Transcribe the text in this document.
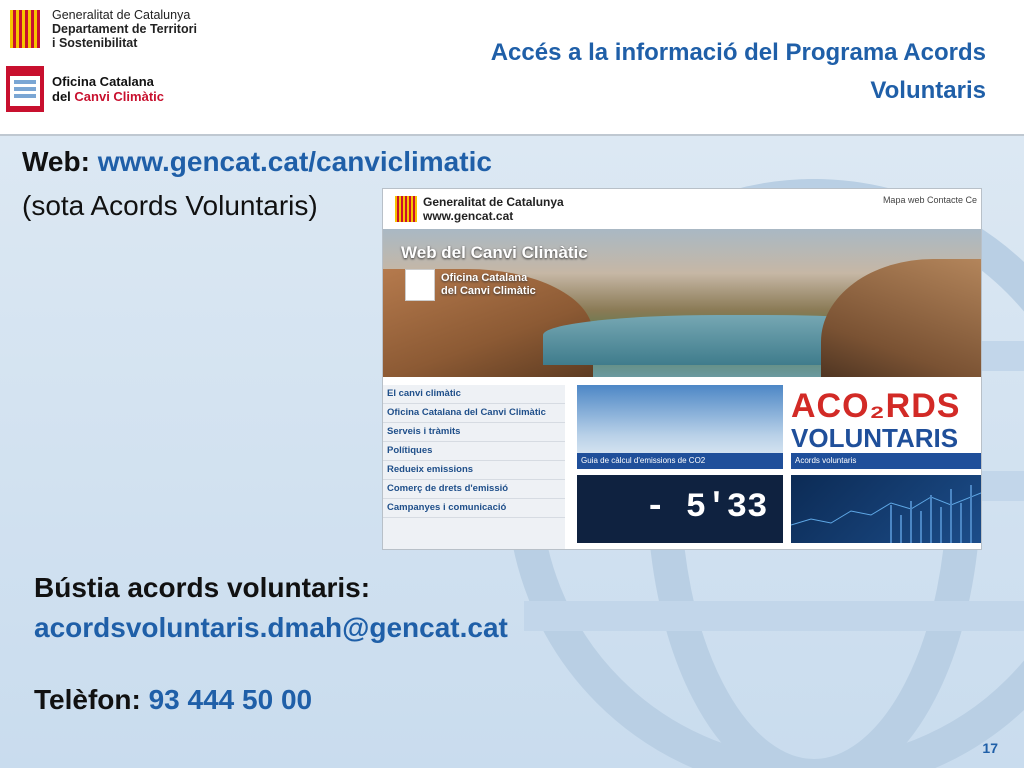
Generalitat de Catalunya
Departament de Territori
i Sostenibilitat
Oficina Catalana
del Canvi Climàtic
Accés a la informació del Programa Acords
Voluntaris
Web: www.gencat.cat/canviclimatic
(sota Acords Voluntaris)	Generalitat de Catalunya
www.gencat.cat
Mapa web Contacte Ce
Web del Canvi Climàtic
Oficina Catalana
del Canvi Climàtic
El canvi climàtic
Oficina Catalana del Canvi Climàtic
Serveis i tràmits
Polítiques
Redueix emissions
Comerç de drets d'emissió
Campanyes i comunicació
Guia de càlcul d'emissions de CO2
ACO₂RDS
VOLUNTARIS
Acords voluntaris
- 5'33
Bústia acords voluntaris:
acordsvoluntaris.dmah@gencat.cat
Telèfon: 93 444 50 00
17
